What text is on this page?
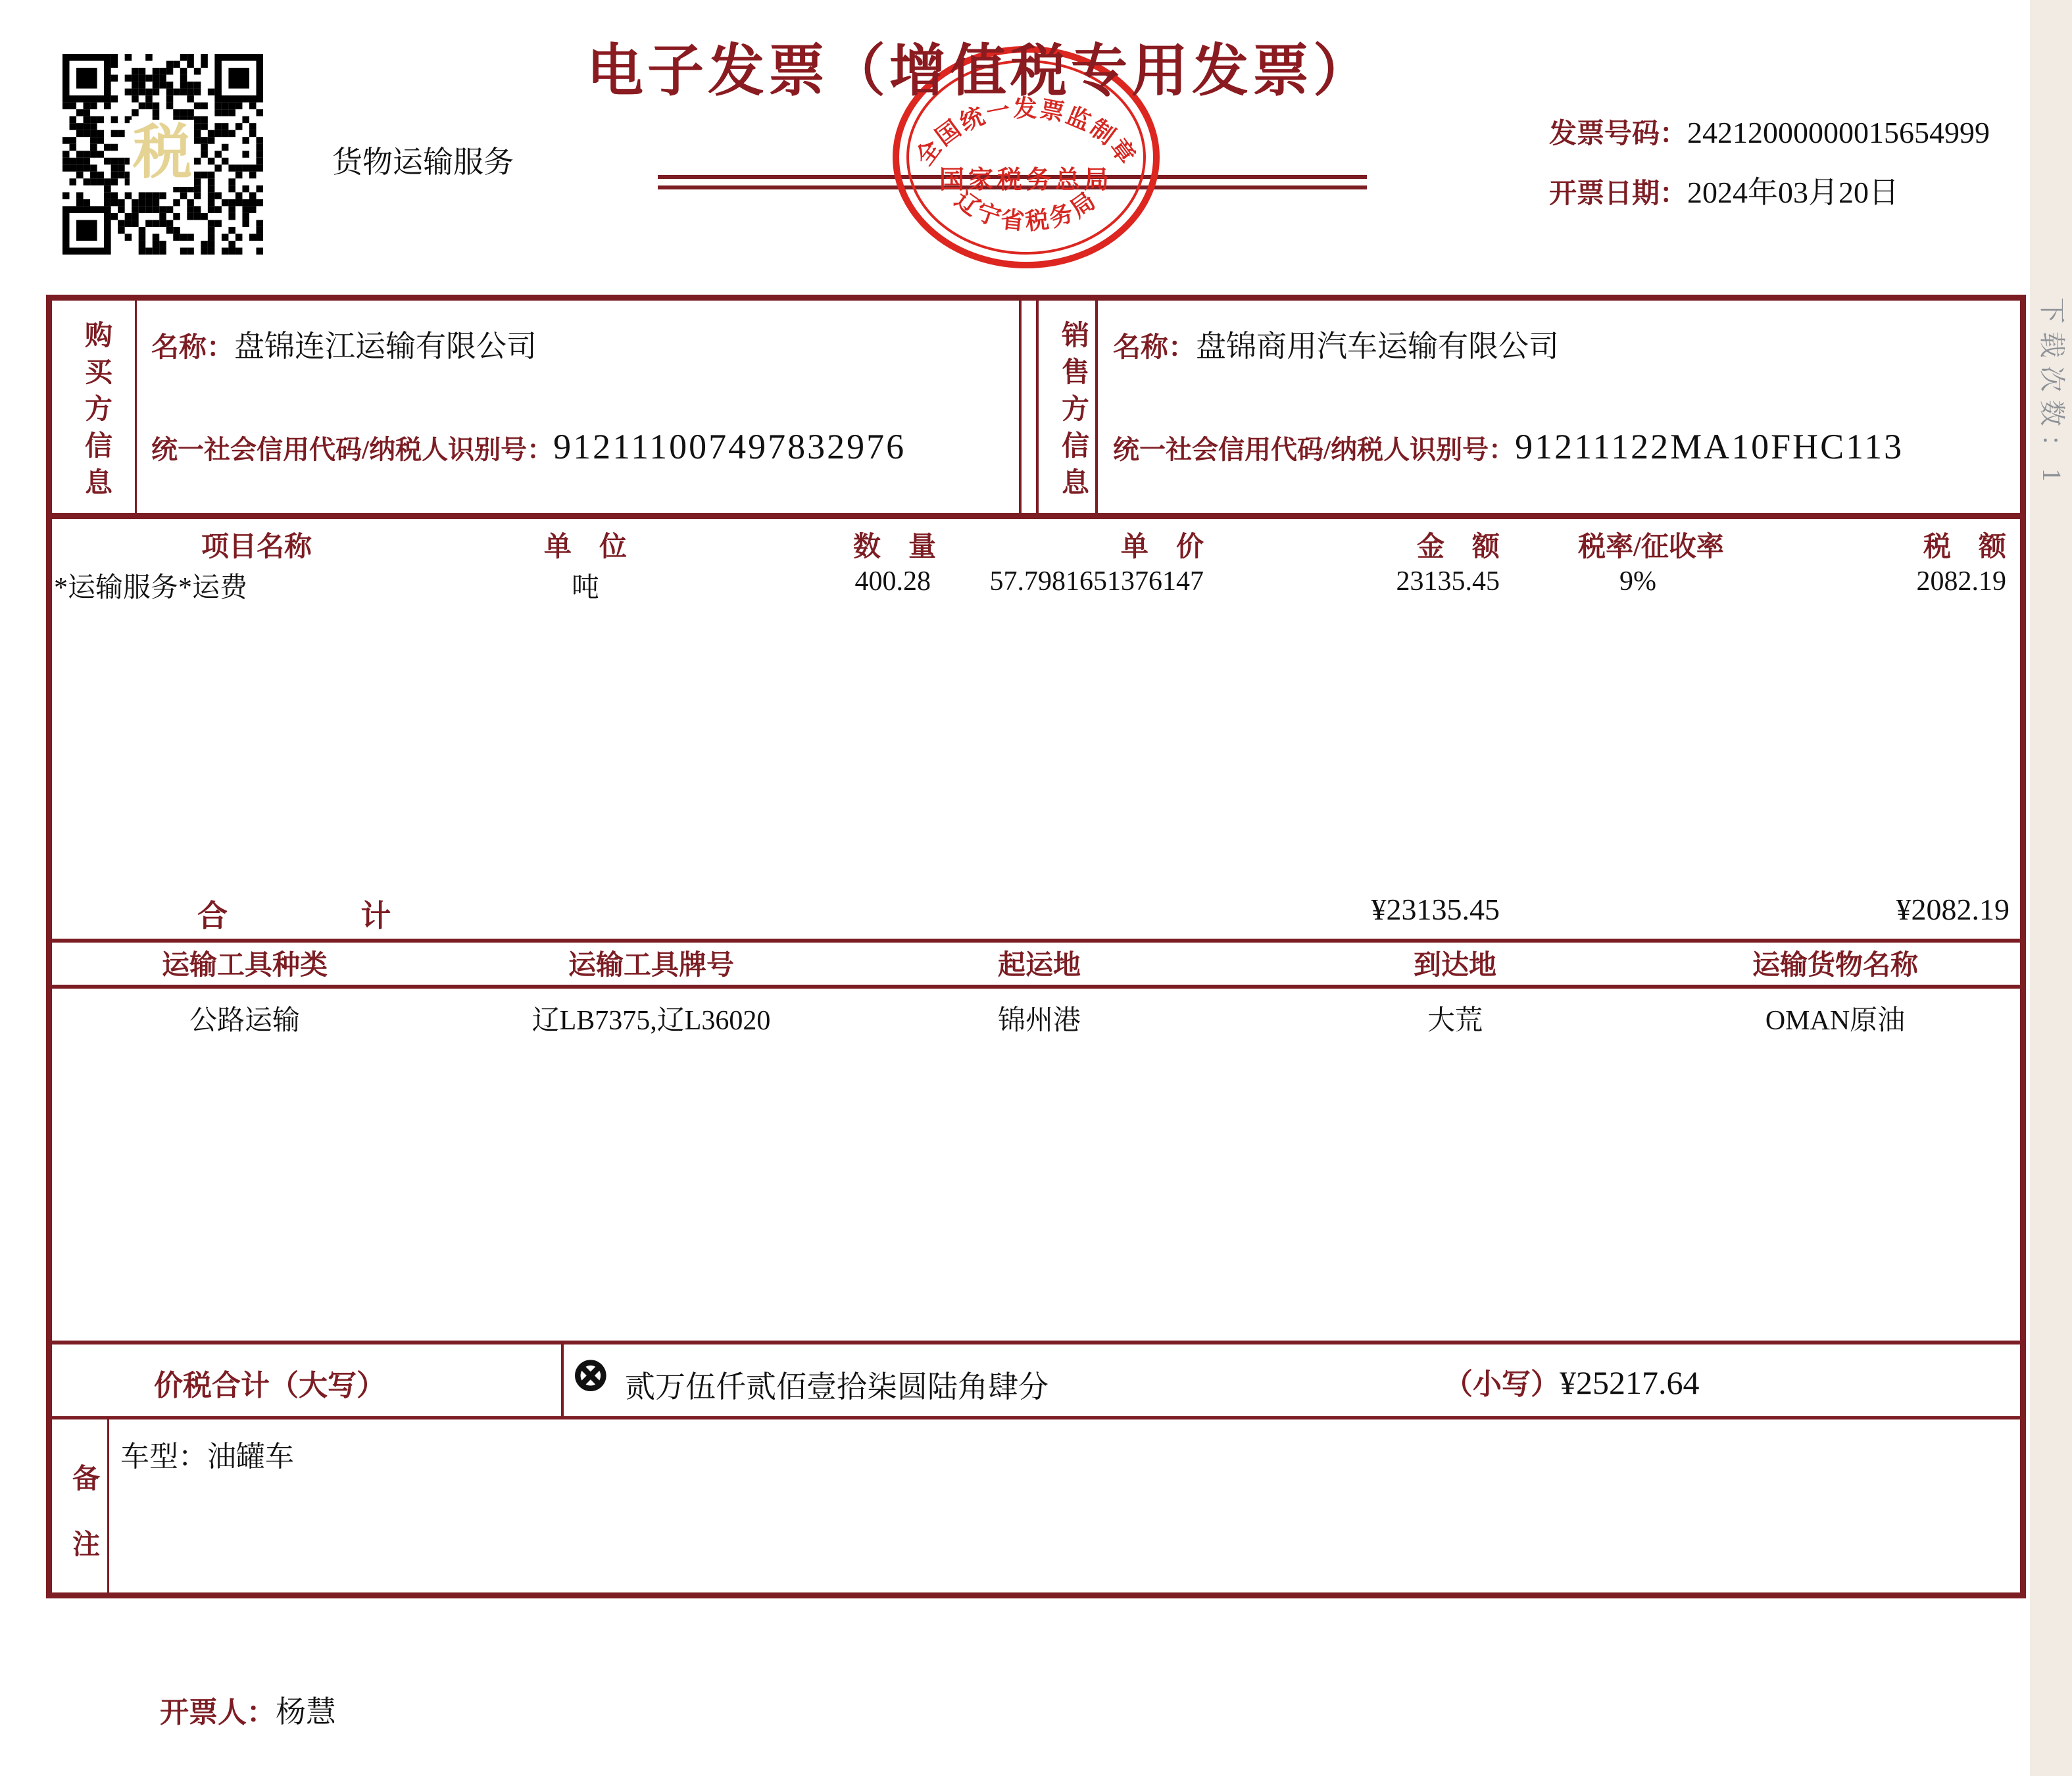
税	货物运输服务	全国统一发票监制章
国家税务总局
辽宁省税务局
电子发票（增值税专用发票）
发票号码：24212000000015654999
开票日期：2024年03月20日
购买方信息 名称：盘锦连江运输有限公司
统一社会信用代码/纳税人识别号：912111007497832976	销售方信息 名称：盘锦商用汽车运输有限公司
统一社会信用代码/纳税人识别号：91211122MA10FHC113
项目名称	单　位	数　量	单　价	金　额	税率/征收率	税　额
*运输服务*运费	吨	400.28	57.7981651376147	23135.45	9%	2082.19
合计	¥23135.45	¥2082.19
运输工具种类	运输工具牌号	起运地	到达地	运输货物名称
公路运输	辽LB7375,辽L36020	锦州港	大荒	OMAN原油
价税合计（大写）	⊗ 贰万伍仟贰佰壹拾柒圆陆角肆分	（小写）¥25217.64
备注
车型：油罐车
开票人：杨慧
下载次数：1
